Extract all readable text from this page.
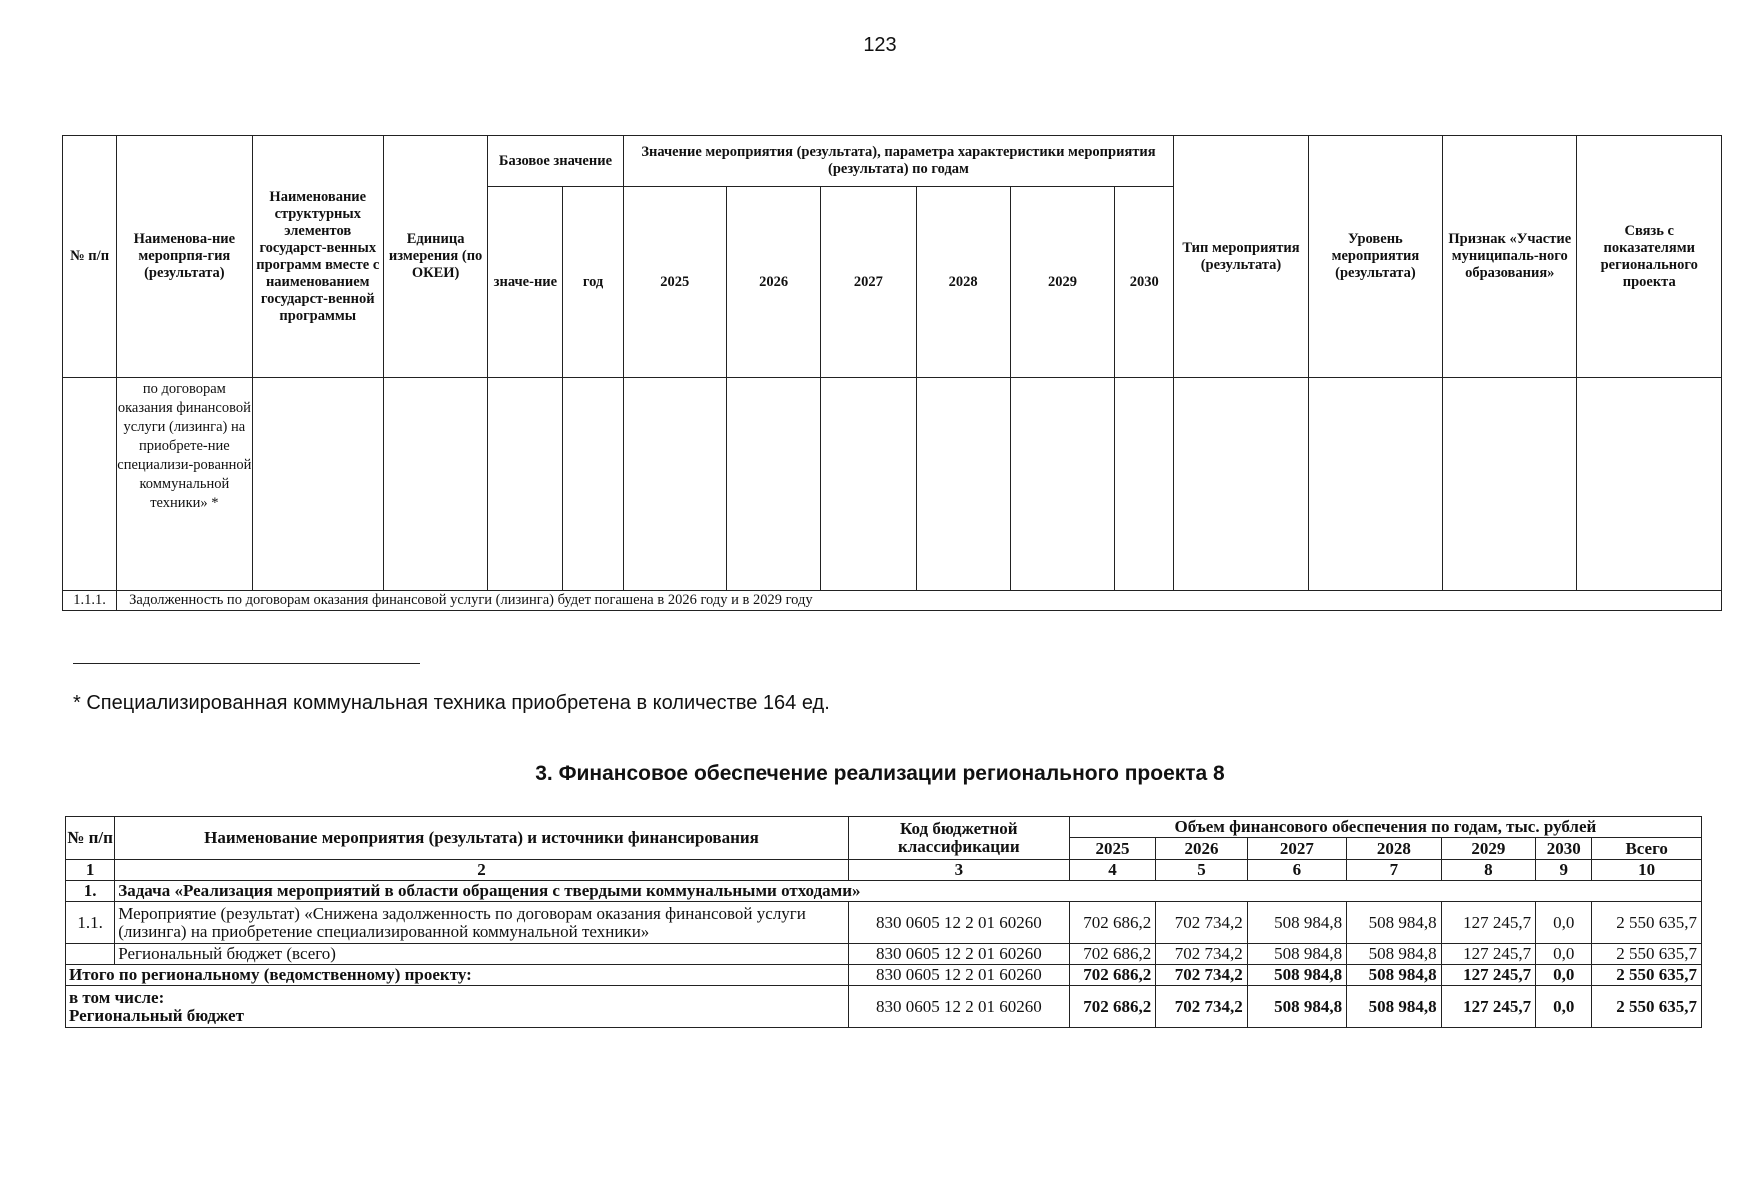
123
№ п/п	Наименова-ние меропрпя-гия (результата)	Наименование структурных элементов государст-венных программ вместе с наименованием государст-венной программы	Единица измерения (по ОКЕИ)	Базовое значение		Значение мероприятия (результата), параметра характеристики мероприятия (результата) по годам						Тип мероприятия (результата)	Уровень мероприятия (результата)	Признак «Участие муниципаль-ного образования»	Связь с показателями регионального проекта
				значе-ние	год	2025	2026	2027	2028	2029	2030				
	по договорам оказания финансовой услуги (лизинга) на приобрете-ние специализи-рованной коммунальной техники» *														
1.1.1.	Задолженность по договорам оказания финансовой услуги (лизинга) будет погашена в 2026 году и в 2029 году														
* Специализированная коммунальная техника приобретена в количестве 164 ед.
3. Финансовое обеспечение реализации регионального проекта 8
№ п/п	Наименование мероприятия (результата) и источники финансирования	Код бюджетной классификации	Объем финансового обеспечения по годам, тыс. рублей						
			2025	2026	2027	2028	2029	2030	Всего
1	2	3	4	5	6	7	8	9	10
1.	Задача «Реализация мероприятий в области обращения с твердыми коммунальными отходами»								
1.1.	Мероприятие (результат) «Снижена задолженность по договорам оказания финансовой услуги (лизинга) на приобретение специализированной коммунальной техники»	830 0605 12 2 01 60260	702 686,2	702 734,2	508 984,8	508 984,8	127 245,7	0,0	2 550 635,7
	Региональный бюджет (всего)	830 0605 12 2 01 60260	702 686,2	702 734,2	508 984,8	508 984,8	127 245,7	0,0	2 550 635,7
Итого по региональному (ведомственному) проекту:		830 0605 12 2 01 60260	702 686,2	702 734,2	508 984,8	508 984,8	127 245,7	0,0	2 550 635,7
в том числе:
Региональный бюджет		830 0605 12 2 01 60260	702 686,2	702 734,2	508 984,8	508 984,8	127 245,7	0,0	2 550 635,7
